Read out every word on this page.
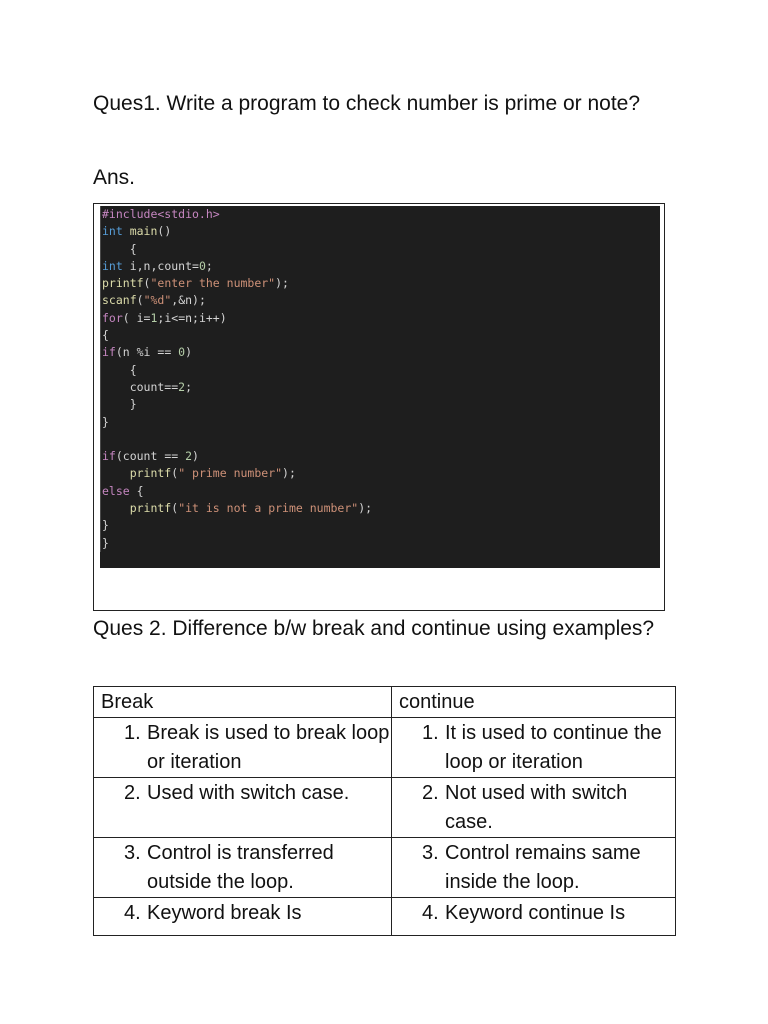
Ques1. Write a program to check number is prime or note?

Ans.

#include<stdio.h>
int main()
{
int i,n,count=0;
printf("enter the number");
scanf("%d",&n);
for( i=1;i<=n;i++)
{
if(n %i == 0)
{
count==2;
}
}
if(count == 2)
printf(" prime number");
else {
printf("it is not a prime number");
}
}

Ques 2. Difference b/w break and continue using examples?

Break	continue

1. Break is used to break loop or iteration	1. It is used to continue the loop or iteration

2. Used with switch case.	2. Not used with switch case.

3. Control is transferred outside the loop.	3. Control remains same inside the loop.

4. Keyword break Is	4. Keyword continue Is
